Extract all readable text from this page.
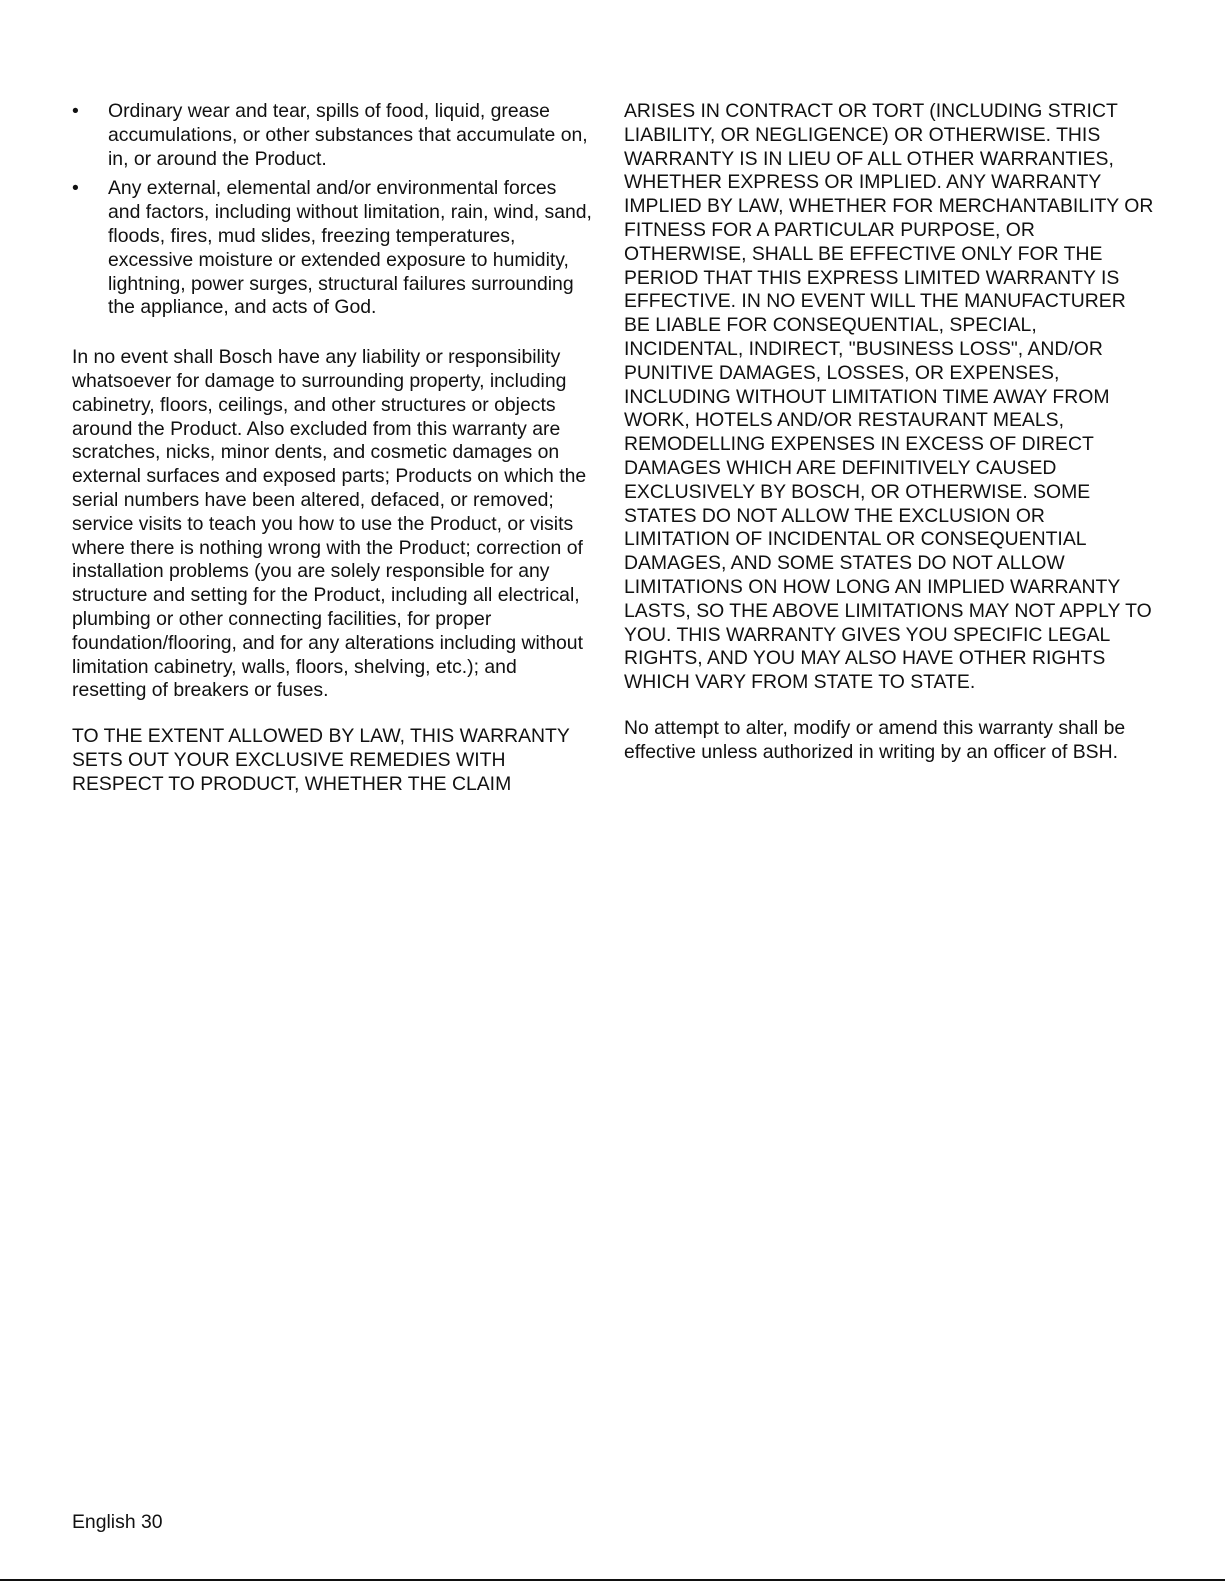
• Ordinary wear and tear, spills of food, liquid, grease accumulations, or other substances that accumulate on, in, or around the Product.
• Any external, elemental and/or environmental forces and factors, including without limitation, rain, wind, sand, floods, fires, mud slides, freezing temperatures, excessive moisture or extended exposure to humidity, lightning, power surges, structural failures surrounding the appliance, and acts of God.

In no event shall Bosch have any liability or responsibility whatsoever for damage to surrounding property, including cabinetry, floors, ceilings, and other structures or objects around the Product. Also excluded from this warranty are scratches, nicks, minor dents, and cosmetic damages on external surfaces and exposed parts; Products on which the serial numbers have been altered, defaced, or removed; service visits to teach you how to use the Product, or visits where there is nothing wrong with the Product; correction of installation problems (you are solely responsible for any structure and setting for the Product, including all electrical, plumbing or other connecting facilities, for proper foundation/flooring, and for any alterations including without limitation cabinetry, walls, floors, shelving, etc.); and resetting of breakers or fuses.

TO THE EXTENT ALLOWED BY LAW, THIS WARRANTY SETS OUT YOUR EXCLUSIVE REMEDIES WITH RESPECT TO PRODUCT, WHETHER THE CLAIM

ARISES IN CONTRACT OR TORT (INCLUDING STRICT LIABILITY, OR NEGLIGENCE) OR OTHERWISE. THIS WARRANTY IS IN LIEU OF ALL OTHER WARRANTIES, WHETHER EXPRESS OR IMPLIED. ANY WARRANTY IMPLIED BY LAW, WHETHER FOR MERCHANTABILITY OR FITNESS FOR A PARTICULAR PURPOSE, OR OTHERWISE, SHALL BE EFFECTIVE ONLY FOR THE PERIOD THAT THIS EXPRESS LIMITED WARRANTY IS EFFECTIVE. IN NO EVENT WILL THE MANUFACTURER BE LIABLE FOR CONSEQUENTIAL, SPECIAL, INCIDENTAL, INDIRECT, "BUSINESS LOSS", AND/OR PUNITIVE DAMAGES, LOSSES, OR EXPENSES, INCLUDING WITHOUT LIMITATION TIME AWAY FROM WORK, HOTELS AND/OR RESTAURANT MEALS, REMODELLING EXPENSES IN EXCESS OF DIRECT DAMAGES WHICH ARE DEFINITIVELY CAUSED EXCLUSIVELY BY BOSCH, OR OTHERWISE. SOME STATES DO NOT ALLOW THE EXCLUSION OR LIMITATION OF INCIDENTAL OR CONSEQUENTIAL DAMAGES, AND SOME STATES DO NOT ALLOW LIMITATIONS ON HOW LONG AN IMPLIED WARRANTY LASTS, SO THE ABOVE LIMITATIONS MAY NOT APPLY TO YOU. THIS WARRANTY GIVES YOU SPECIFIC LEGAL RIGHTS, AND YOU MAY ALSO HAVE OTHER RIGHTS WHICH VARY FROM STATE TO STATE.

No attempt to alter, modify or amend this warranty shall be effective unless authorized in writing by an officer of BSH.

English 30
